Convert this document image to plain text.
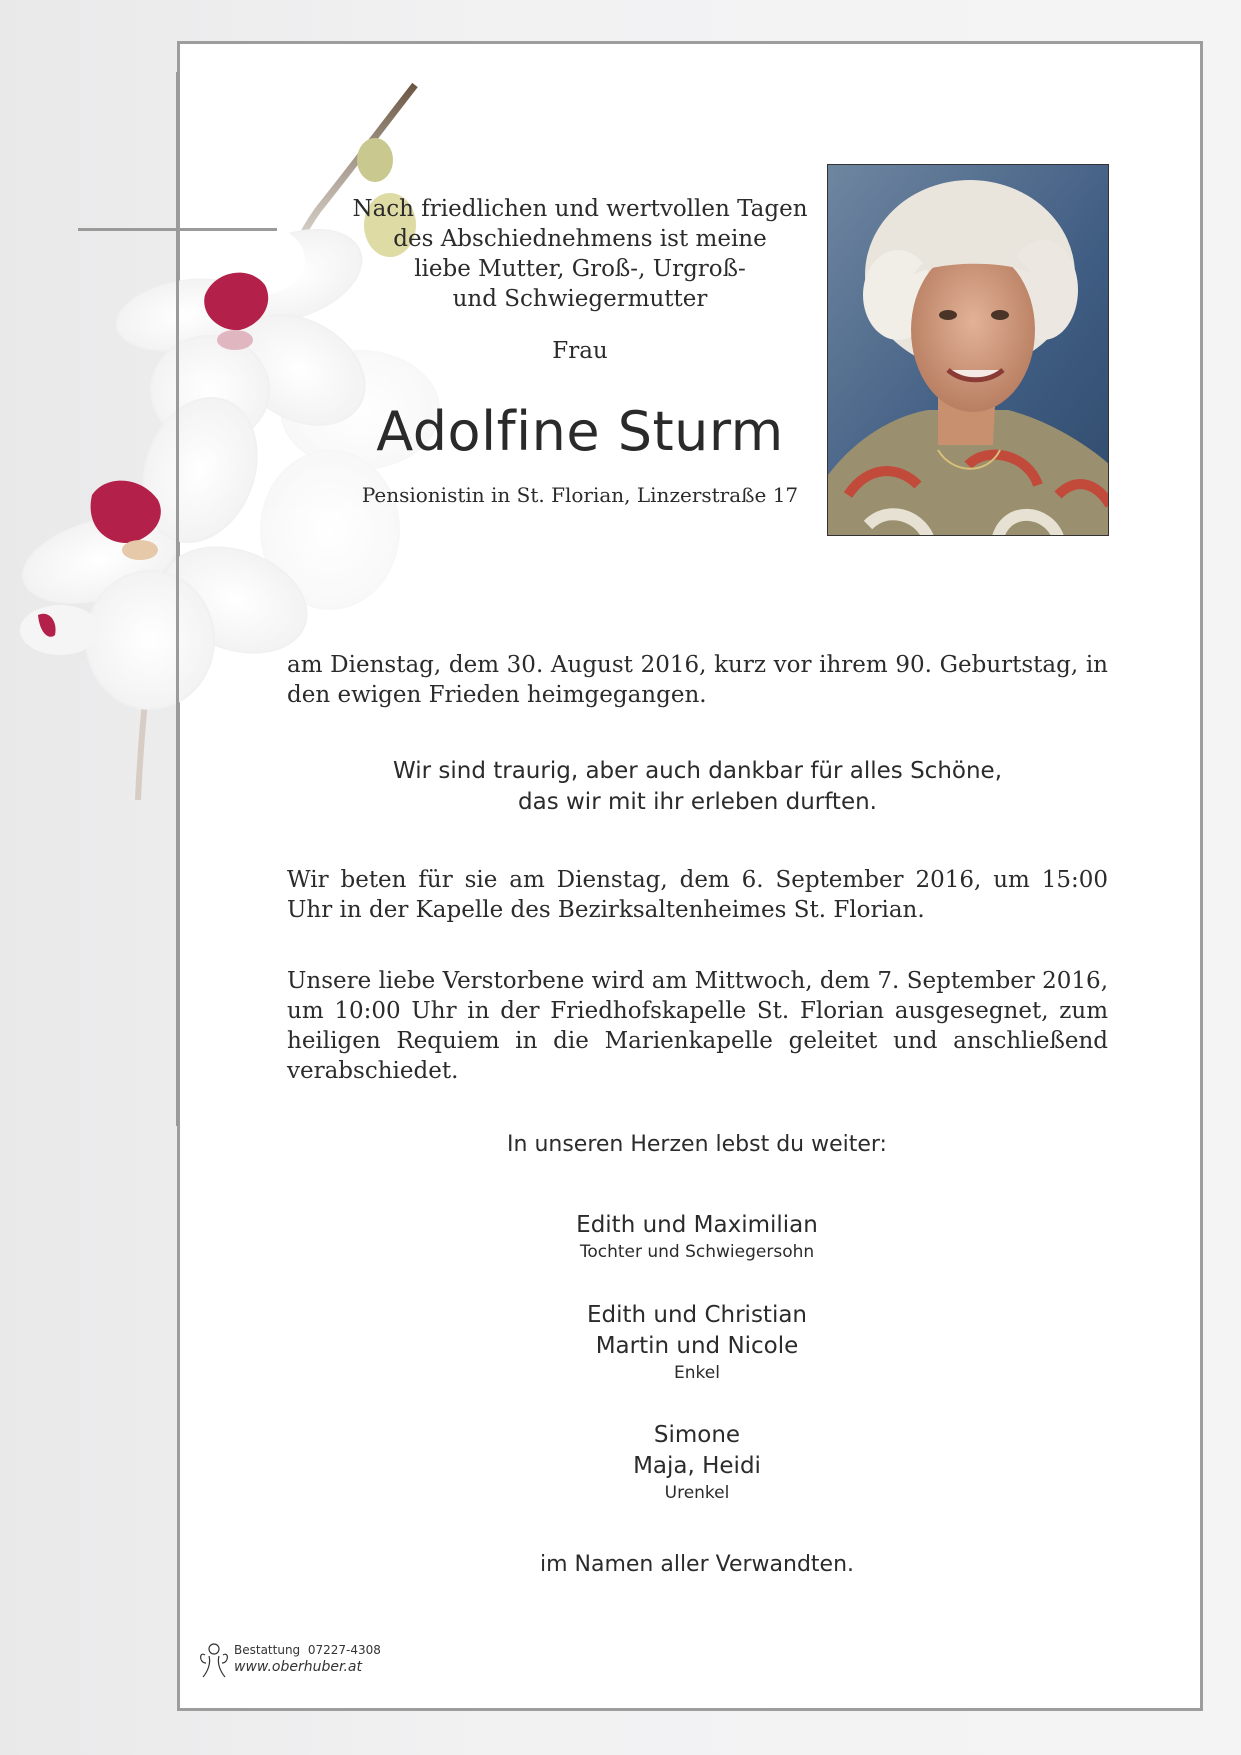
Nach friedlichen und wertvollen Tagen
des Abschiednehmens ist meine
liebe Mutter, Groß-, Urgroß-
und Schwiegermutter
Frau
Adolfine Sturm
Pensionistin in St. Florian, Linzerstraße 17
am Dienstag, dem 30. August 2016, kurz vor ihrem 90. Geburtstag, in den ewigen Frieden heimgegangen.
Wir sind traurig, aber auch dankbar für alles Schöne,
das wir mit ihr erleben durften.
Wir beten für sie am Dienstag, dem 6. September 2016, um 15:00 Uhr in der Kapelle des Bezirksaltenheimes St. Florian.
Unsere liebe Verstorbene wird am Mittwoch, dem 7. September 2016, um 10:00 Uhr in der Friedhofskapelle St. Florian ausgesegnet, zum heiligen Requiem in die Marienkapelle geleitet und anschließend verabschiedet.
In unseren Herzen lebst du weiter:
Edith und Maximilian
Tochter und Schwiegersohn
Edith und Christian
Martin und Nicole
Enkel
Simone
Maja, Heidi
Urenkel
im Namen aller Verwandten.
Bestattung 07227-4308
www.oberhuber.at
